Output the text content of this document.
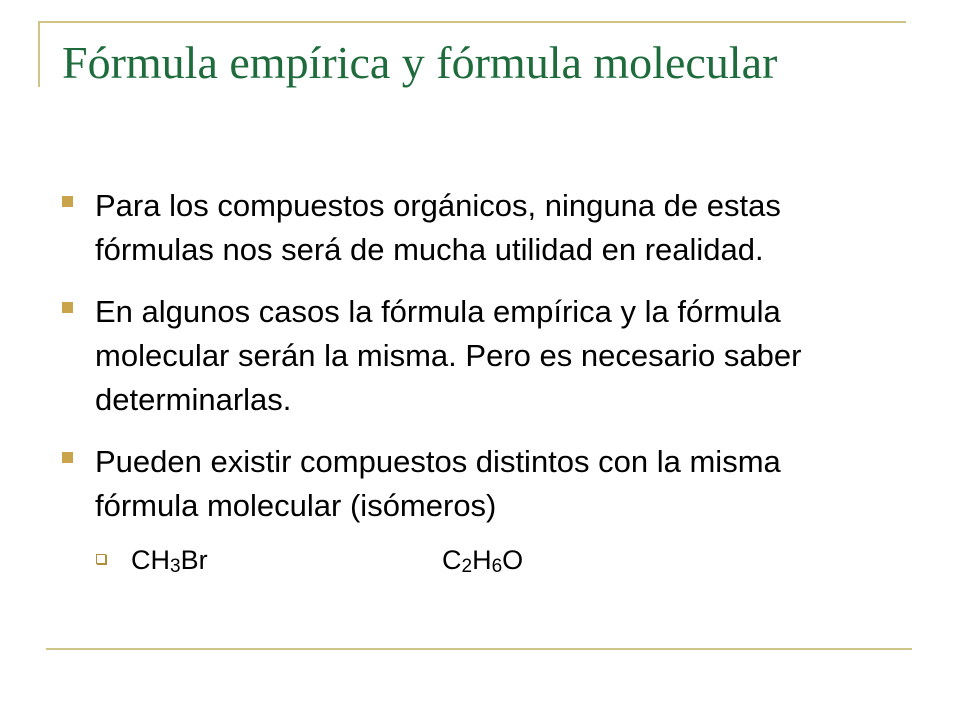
Fórmula empírica y fórmula molecular
Para los compuestos orgánicos, ninguna de estas fórmulas nos será de mucha utilidad en realidad.
En algunos casos la fórmula empírica y la fórmula molecular serán la misma. Pero es necesario saber determinarlas.
Pueden existir compuestos distintos con la misma fórmula molecular (isómeros)
CH3Br	C2H6O
